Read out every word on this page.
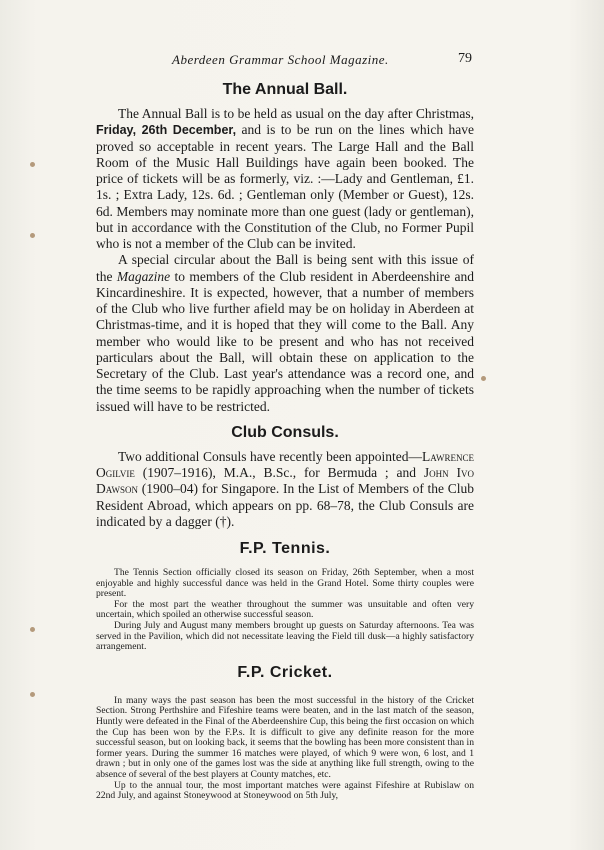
Aberdeen Grammar School Magazine.	79
The Annual Ball.

The Annual Ball is to be held as usual on the day after Christmas, Friday, 26th December, and is to be run on the lines which have proved so acceptable in recent years. The Large Hall and the Ball Room of the Music Hall Buildings have again been booked. The price of tickets will be as formerly, viz. :—Lady and Gentleman, £1. 1s. ; Extra Lady, 12s. 6d. ; Gentleman only (Member or Guest), 12s. 6d. Members may nominate more than one guest (lady or gentleman), but in accordance with the Constitution of the Club, no Former Pupil who is not a member of the Club can be invited.

A special circular about the Ball is being sent with this issue of the Magazine to members of the Club resident in Aberdeenshire and Kincardineshire. It is expected, however, that a number of members of the Club who live further afield may be on holiday in Aberdeen at Christmas-time, and it is hoped that they will come to the Ball. Any member who would like to be present and who has not received particulars about the Ball, will obtain these on application to the Secretary of the Club. Last year's attendance was a record one, and the time seems to be rapidly approaching when the number of tickets issued will have to be restricted.

Club Consuls.

Two additional Consuls have recently been appointed—Lawrence Ogilvie (1907–1916), M.A., B.Sc., for Bermuda ; and John Ivo Dawson (1900–04) for Singapore. In the List of Members of the Club Resident Abroad, which appears on pp. 68–78, the Club Consuls are indicated by a dagger (†).

F.P. Tennis.

The Tennis Section officially closed its season on Friday, 26th September, when a most enjoyable and highly successful dance was held in the Grand Hotel. Some thirty couples were present.

For the most part the weather throughout the summer was unsuitable and often very uncertain, which spoiled an otherwise successful season.

During July and August many members brought up guests on Saturday afternoons. Tea was served in the Pavilion, which did not necessitate leaving the Field till dusk—a highly satisfactory arrangement.

F.P. Cricket.

In many ways the past season has been the most successful in the history of the Cricket Section. Strong Perthshire and Fifeshire teams were beaten, and in the last match of the season, Huntly were defeated in the Final of the Aberdeenshire Cup, this being the first occasion on which the Cup has been won by the F.P.s. It is difficult to give any definite reason for the more successful season, but on looking back, it seems that the bowling has been more consistent than in former years. During the summer 16 matches were played, of which 9 were won, 6 lost, and 1 drawn ; but in only one of the games lost was the side at anything like full strength, owing to the absence of several of the best players at County matches, etc.

Up to the annual tour, the most important matches were against Fifeshire at Rubislaw on 22nd July, and against Stoneywood at Stoneywood on 5th July,
